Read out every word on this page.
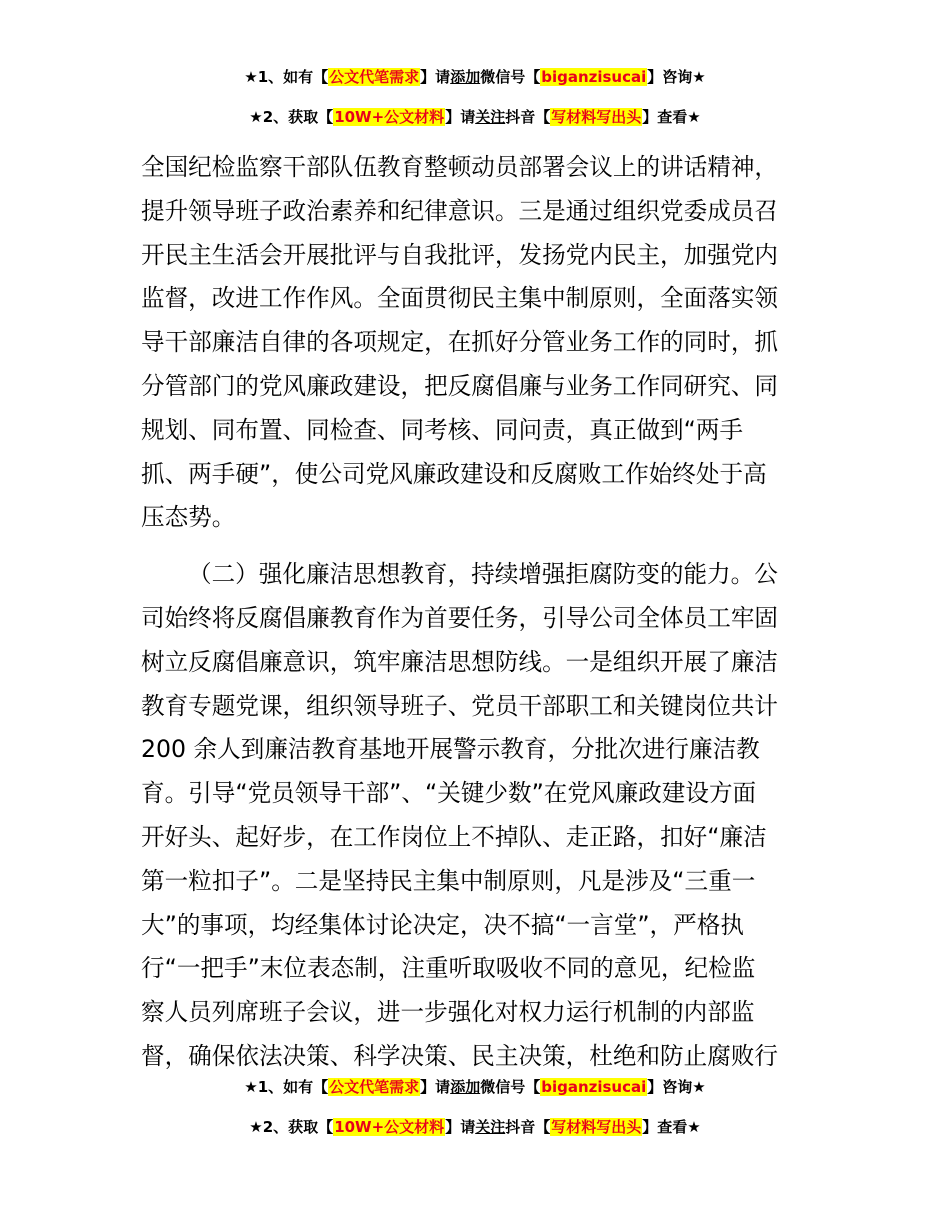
★1、如有【公文代笔需求】请添加微信号【biganzisucai】咨询★
★2、获取【10W+公文材料】请关注抖音【写材料写出头】查看★
全国纪检监察干部队伍教育整顿动员部署会议上的讲话精神，
提升领导班子政治素养和纪律意识。三是通过组织党委成员召
开民主生活会开展批评与自我批评，发扬党内民主，加强党内
监督，改进工作作风。全面贯彻民主集中制原则，全面落实领
导干部廉洁自律的各项规定，在抓好分管业务工作的同时，抓
分管部门的党风廉政建设，把反腐倡廉与业务工作同研究、同
规划、同布置、同检查、同考核、同问责，真正做到“两手
抓、两手硬”，使公司党风廉政建设和反腐败工作始终处于高
压态势。
（二）强化廉洁思想教育，持续增强拒腐防变的能力。公
司始终将反腐倡廉教育作为首要任务，引导公司全体员工牢固
树立反腐倡廉意识，筑牢廉洁思想防线。一是组织开展了廉洁
教育专题党课，组织领导班子、党员干部职工和关键岗位共计
200 余人到廉洁教育基地开展警示教育，分批次进行廉洁教
育。引导“党员领导干部”、“关键少数”在党风廉政建设方面
开好头、起好步，在工作岗位上不掉队、走正路，扣好“廉洁
第一粒扣子”。二是坚持民主集中制原则，凡是涉及“三重一
大”的事项，均经集体讨论决定，决不搞“一言堂”，严格执
行“一把手”末位表态制，注重听取吸收不同的意见，纪检监
察人员列席班子会议，进一步强化对权力运行机制的内部监
督，确保依法决策、科学决策、民主决策，杜绝和防止腐败行
★1、如有【公文代笔需求】请添加微信号【biganzisucai】咨询★
★2、获取【10W+公文材料】请关注抖音【写材料写出头】查看★
